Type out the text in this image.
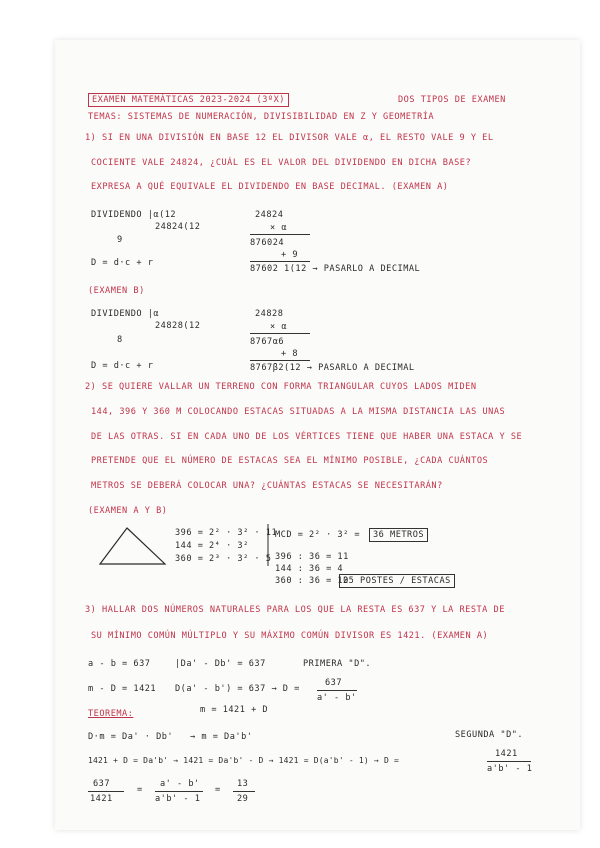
EXAMEN MATEMÁTICAS 2023-2024 (3ºX)	DOS TIPOS DE EXAMEN
TEMAS: SISTEMAS DE NUMERACIÓN, DIVISIBILIDAD EN Z Y GEOMETRÍA
1) SI EN UNA DIVISIÓN EN BASE 12 EL DIVISOR VALE α, EL RESTO VALE 9 Y EL
COCIENTE VALE 24824, ¿CUÁL ES EL VALOR DEL DIVIDENDO EN DICHA BASE?
EXPRESA A QUÉ EQUIVALE EL DIVIDENDO EN BASE DECIMAL. (EXAMEN A)
DIVIDENDO |α(12
24824(12
9
24824
× α
876024
+ 9
D = d·c + r
87602 1(12 → PASARLO A DECIMAL
(EXAMEN B)
DIVIDENDO |α
24828(12
8
24828
× α
8767α6
+ 8
D = d·c + r	8767β2(12 → PASARLO A DECIMAL
2) SE QUIERE VALLAR UN TERRENO CON FORMA TRIANGULAR CUYOS LADOS MIDEN
144, 396 Y 360 M COLOCANDO ESTACAS SITUADAS A LA MISMA DISTANCIA LAS UNAS
DE LAS OTRAS. SI EN CADA UNO DE LOS VÉRTICES TIENE QUE HABER UNA ESTACA Y SE
PRETENDE QUE EL NÚMERO DE ESTACAS SEA EL MÍNIMO POSIBLE, ¿CADA CUÁNTOS
METROS SE DEBERÁ COLOCAR UNA? ¿CUÁNTAS ESTACAS SE NECESITARÁN?
(EXAMEN A Y B)
396 = 2² · 3² · 11
144 = 2⁴ · 3²
360 = 2³ · 3² · 5
MCD = 2² · 3² =	36 METROS
396 : 36 = 11
144 : 36 = 4
360 : 36 = 10
25 POSTES / ESTACAS
3) HALLAR DOS NÚMEROS NATURALES PARA LOS QUE LA RESTA ES 637 Y LA RESTA DE
SU MÍNIMO COMÚN MÚLTIPLO Y SU MÁXIMO COMÚN DIVISOR ES 1421. (EXAMEN A)
a - b = 637	|Da' - Db' = 637	PRIMERA "D".
m - D = 1421 D(a' - b') = 637 → D =
637
a' - b'
TEOREMA:	m = 1421 + D
D·m = Da' · Db' → m = Da'b'	SEGUNDA "D".
1421 + D = Da'b' → 1421 = Da'b' - D → 1421 = D(a'b' - 1) → D =
1421
a'b' - 1
637
1421
=
a' - b'
a'b' - 1
=
13
29
